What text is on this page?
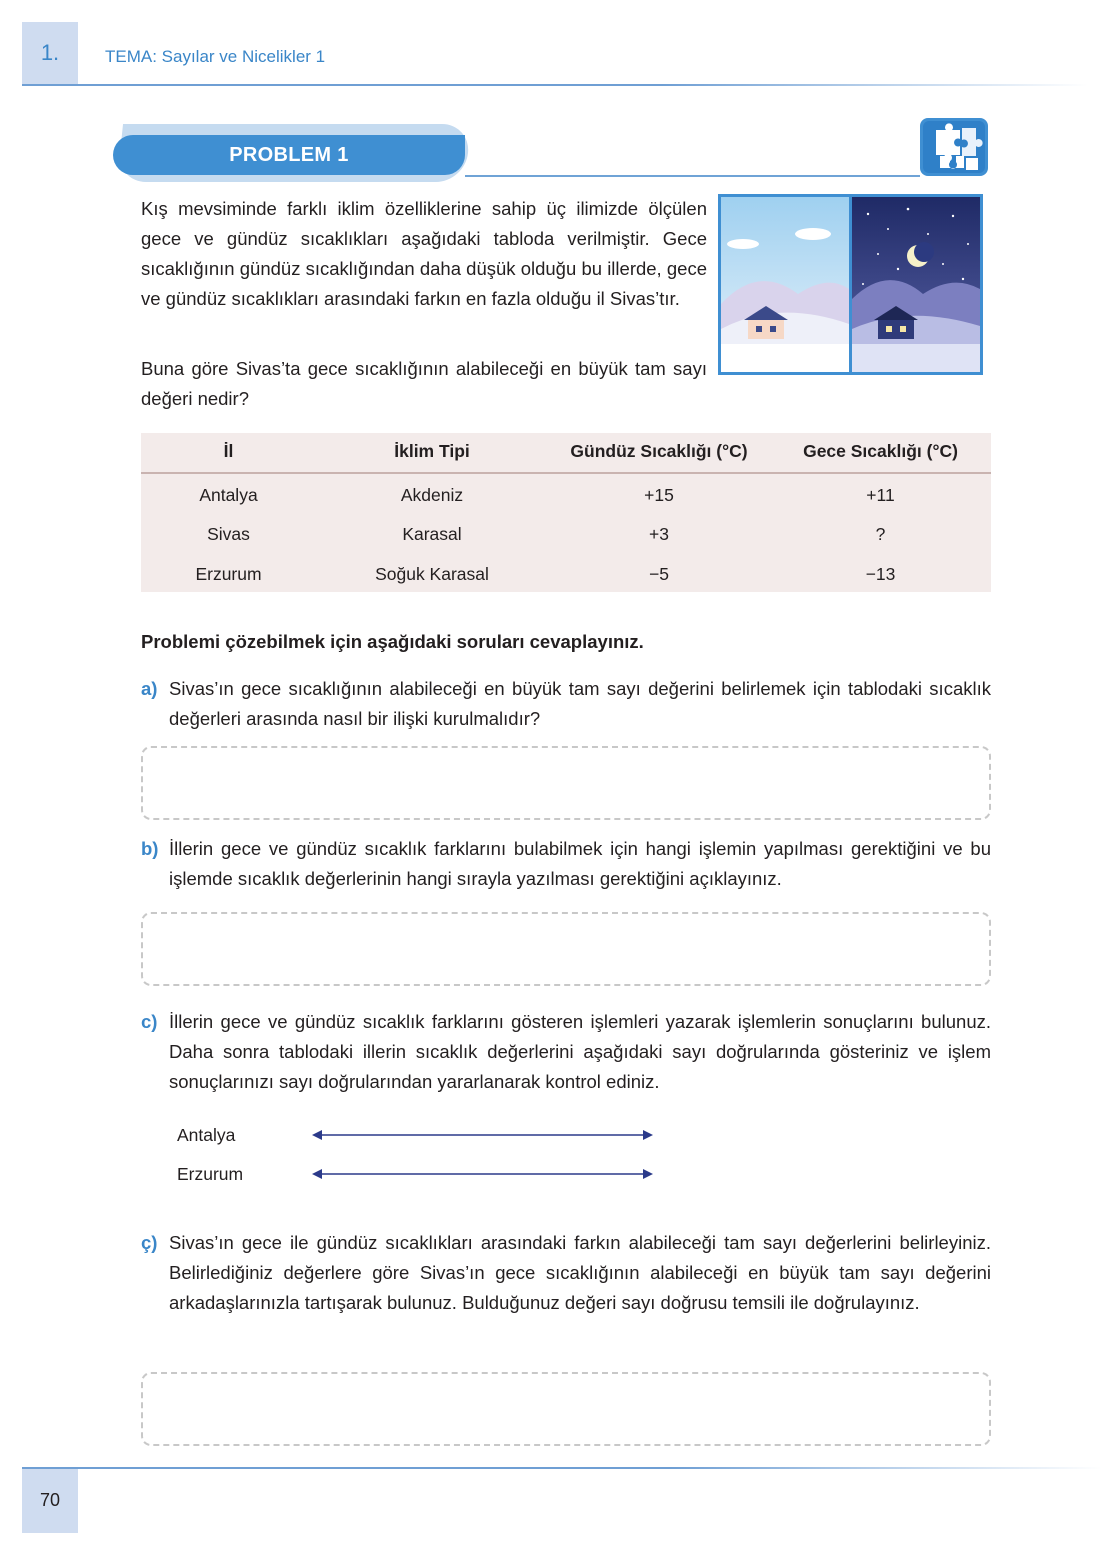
1.	TEMA: Sayılar ve Nicelikler 1
PROBLEM 1
Kış mevsiminde farklı iklim özelliklerine sahip üç ilimizde ölçülen gece ve gündüz sıcaklıkları aşağıdaki tabloda verilmiştir. Gece sıcaklığının gündüz sıcaklığından daha düşük olduğu bu illerde, gece ve gündüz sıcaklıkları arasındaki farkın en fazla olduğu il Sivas’tır.
Buna göre Sivas’ta gece sıcaklığının alabileceği en büyük tam sayı değeri nedir?
İl	İklim Tipi	Gündüz Sıcaklığı (°C)	Gece Sıcaklığı (°C)
Antalya	Akdeniz	+15	+11
Sivas	Karasal	+3	?
Erzurum	Soğuk Karasal	−5	−13
Problemi çözebilmek için aşağıdaki soruları cevaplayınız.
a) Sivas’ın gece sıcaklığının alabileceği en büyük tam sayı değerini belirlemek için tablodaki sıcaklık değerleri arasında nasıl bir ilişki kurulmalıdır?
b) İllerin gece ve gündüz sıcaklık farklarını bulabilmek için hangi işlemin yapılması gerektiğini ve bu işlemde sıcaklık değerlerinin hangi sırayla yazılması gerektiğini açıklayınız.
c) İllerin gece ve gündüz sıcaklık farklarını gösteren işlemleri yazarak işlemlerin sonuçlarını bulunuz. Daha sonra tablodaki illerin sıcaklık değerlerini aşağıdaki sayı doğrularında gösteriniz ve işlem sonuçlarınızı sayı doğrularından yararlanarak kontrol ediniz.
Antalya
Erzurum
ç) Sivas’ın gece ile gündüz sıcaklıkları arasındaki farkın alabileceği tam sayı değerlerini belirleyiniz. Belirlediğiniz değerlere göre Sivas’ın gece sıcaklığının alabileceği en büyük tam sayı değerini arkadaşlarınızla tartışarak bulunuz. Bulduğunuz değeri sayı doğrusu temsili ile doğrulayınız.
70
